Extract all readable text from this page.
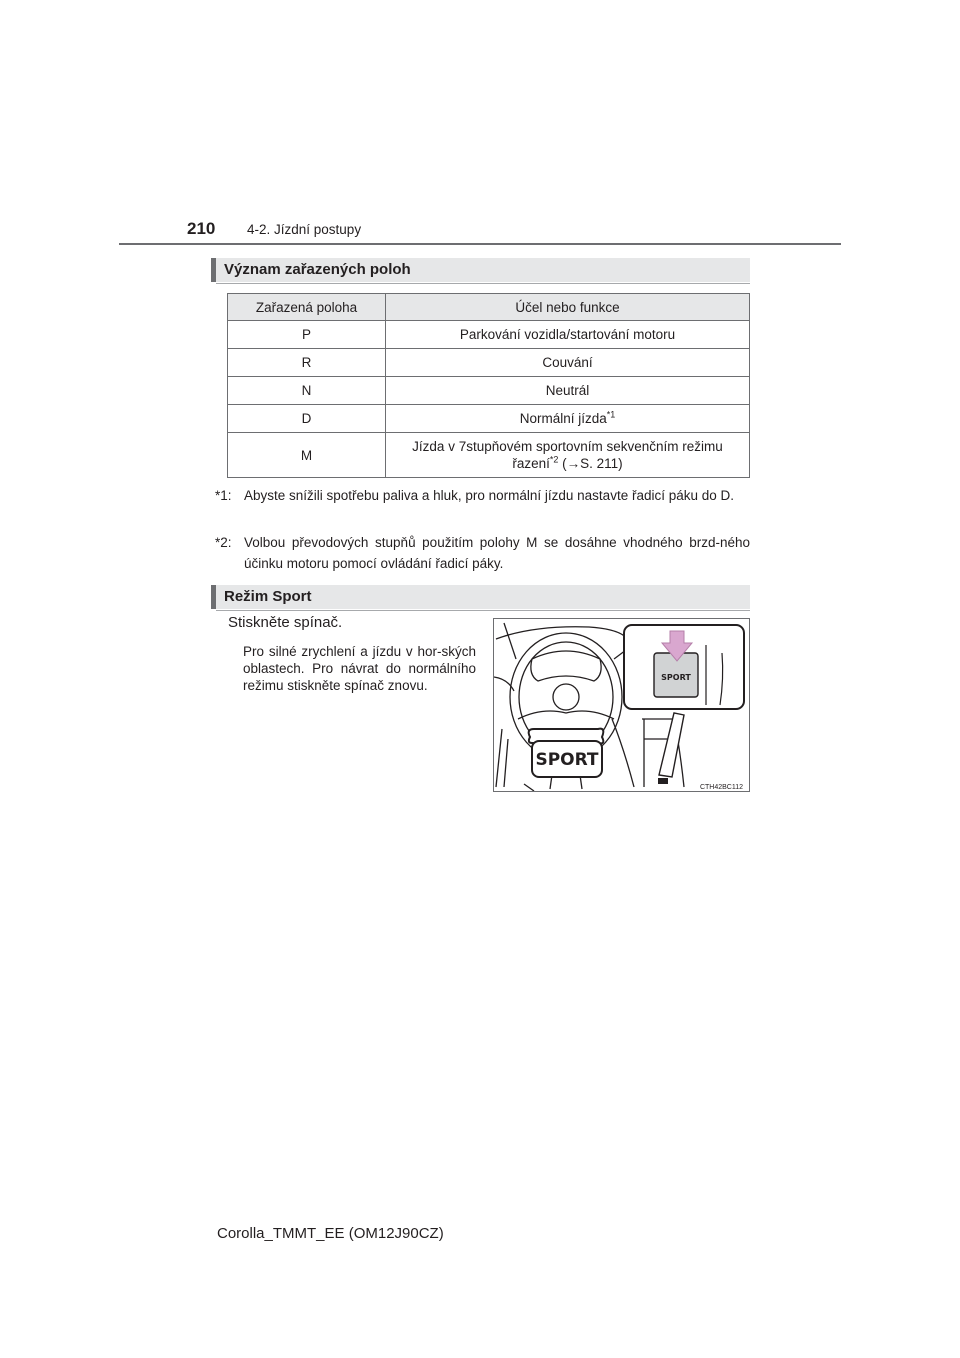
210 4-2. Jízdní postupy
Význam zařazených poloh
Zařazená poloha	Účel nebo funkce
P	Parkování vozidla/startování motoru
R	Couvání
N	Neutrál
D	Normální jízda$^{*1}$
M	Jízda v 7stupňovém sportovním sekvenčním režimu
řazení$^{*2}$ (→S. 211)
*1: Abyste snížili spotřebu paliva a hluk, pro normální jízdu nastavte řadicí páku do D.
*2: Volbou převodových stupňů použitím polohy M se dosáhne vhodného brzd-ného účinku motoru pomocí ovládání řadicí páky.
Režim Sport
Stiskněte spínač.
Pro silné zrychlení a jízdu v hor-ských oblastech. Pro návrat do normálního režimu stiskněte spínač znovu.
SPORT
SPORT
CTH42BC112
Corolla_TMMT_EE (OM12J90CZ)
